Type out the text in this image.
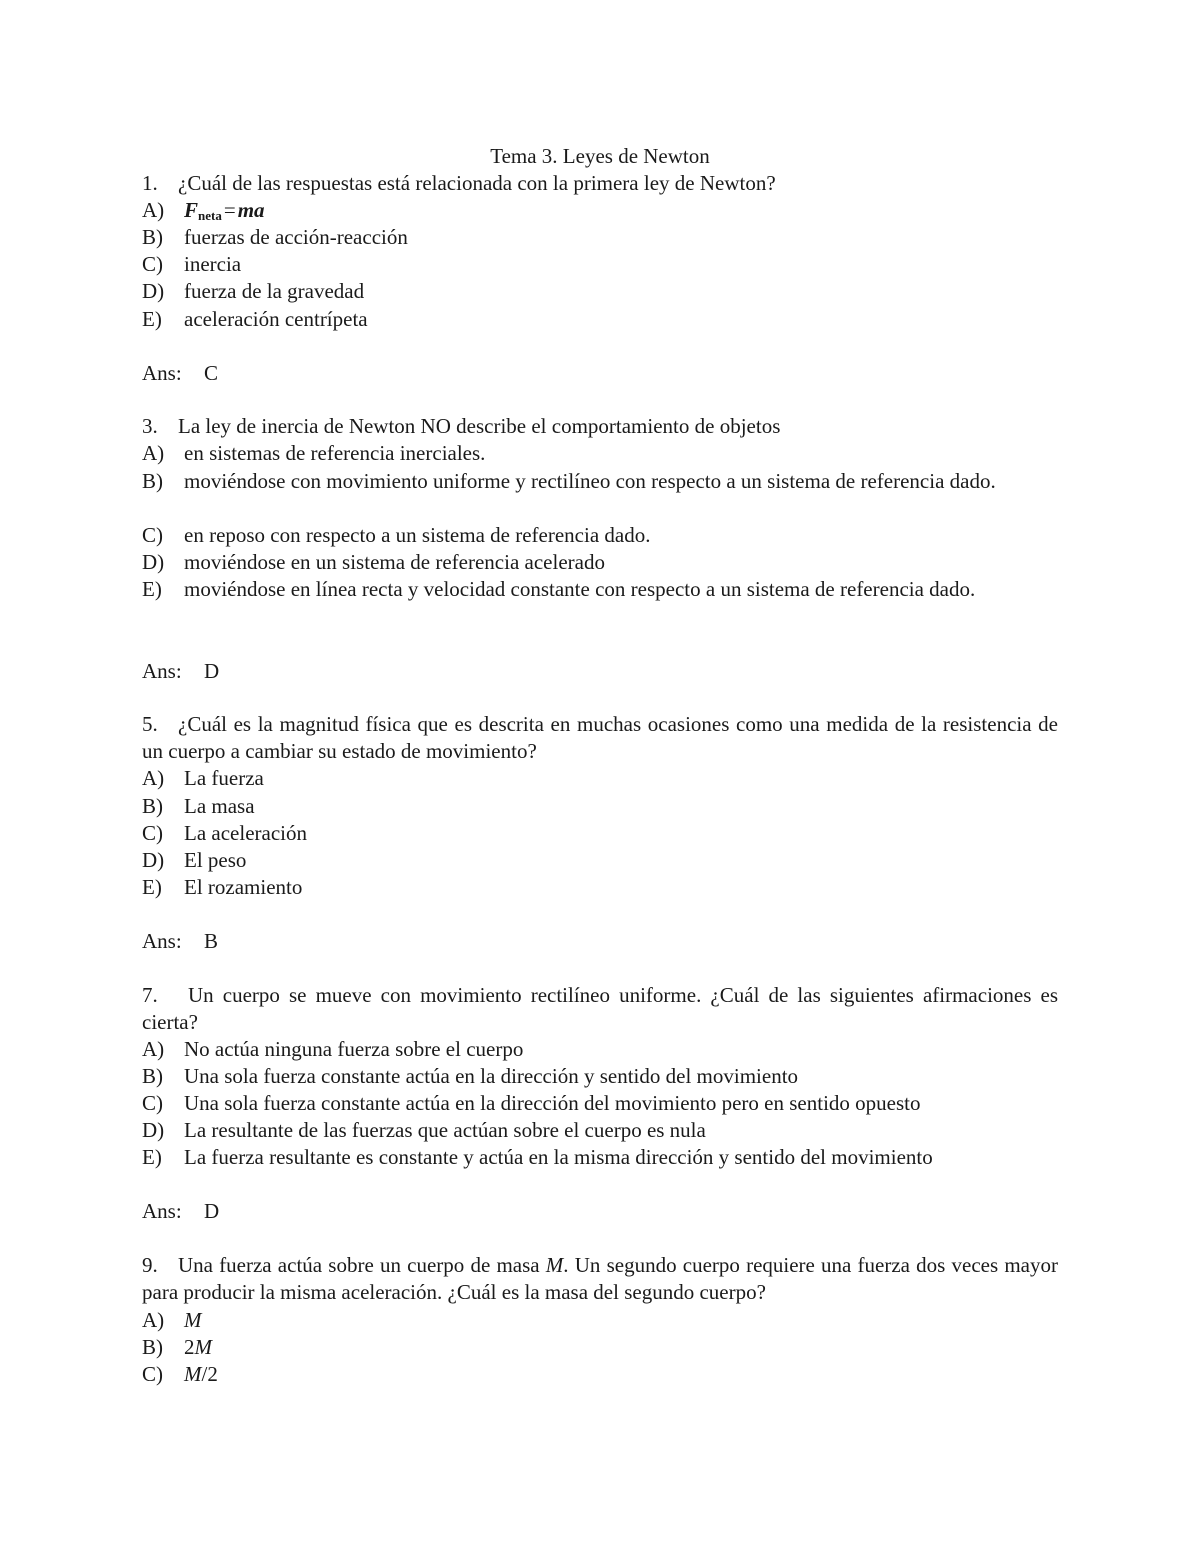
Tema 3. Leyes de Newton
1. ¿Cuál de las respuestas está relacionada con la primera ley de Newton?
A) $F_{neta}=ma$
B) fuerzas de acción-reacción
C) inercia
D) fuerza de la gravedad
E) aceleración centrípeta
Ans: C
3. La ley de inercia de Newton NO describe el comportamiento de objetos
A) en sistemas de referencia inerciales.
B) moviéndose con movimiento uniforme y rectilíneo con respecto a un sistema de referencia dado.
C) en reposo con respecto a un sistema de referencia dado.
D) moviéndose en un sistema de referencia acelerado
E) moviéndose en línea recta y velocidad constante con respecto a un sistema de referencia dado.
Ans: D
5. ¿Cuál es la magnitud física que es descrita en muchas ocasiones como una medida de la resistencia de un cuerpo a cambiar su estado de movimiento?
A) La fuerza
B) La masa
C) La aceleración
D) El peso
E) El rozamiento
Ans: B
7. Un cuerpo se mueve con movimiento rectilíneo uniforme. ¿Cuál de las siguientes afirmaciones es cierta?
A) No actúa ninguna fuerza sobre el cuerpo
B) Una sola fuerza constante actúa en la dirección y sentido del movimiento
C) Una sola fuerza constante actúa en la dirección del movimiento pero en sentido opuesto
D) La resultante de las fuerzas que actúan sobre el cuerpo es nula
E) La fuerza resultante es constante y actúa en la misma dirección y sentido del movimiento
Ans: D
9. Una fuerza actúa sobre un cuerpo de masa M. Un segundo cuerpo requiere una fuerza dos veces mayor para producir la misma aceleración. ¿Cuál es la masa del segundo cuerpo?
A) M
B) 2M
C) M/2
